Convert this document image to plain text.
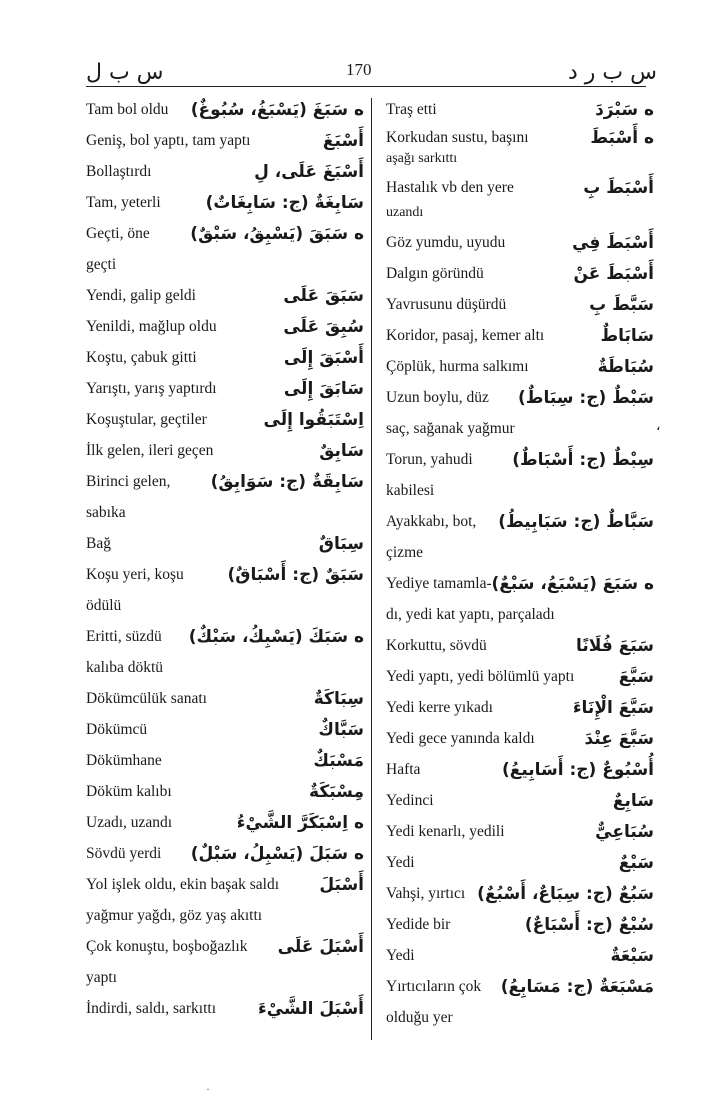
س ب ل	170	س ب ر د
Tam bol oldu ﻩ سَبَغَ (يَسْبَغُ، سُبُوغٌ)
Geniş, bol yaptı, tam yaptı	أَسْبَغَ
Bollaştırdı	أَسْبَغَ عَلَى، لِ
Tam, yeterli	سَابِغَةٌ (ج: سَابِغَاتٌ)
Geçti, öne ﻩ سَبَقَ (يَسْبِقُ، سَبْقٌ)
geçti
Yendi, galip geldi	سَبَقَ عَلَى
Yenildi, mağlup oldu	سُبِقَ عَلَى
Koştu, çabuk gitti	أَسْبَقَ إِلَى
Yarıştı, yarış yaptırdı	سَابَقَ إِلَى
Koşuştular, geçtiler	اِسْتَبَقُوا إِلَى
İlk gelen, ileri geçen	سَابِقٌ
Birinci gelen, سَابِقَةٌ (ج: سَوَابِقُ)
sabıka
Bağ	سِبَاقٌ
Koşu yeri, koşu	سَبَقٌ (ج: أَسْبَاقٌ)
ödülü
Eritti, süzdü ﻩ سَبَكَ (يَسْبِكُ، سَبْكٌ)
kalıba döktü
Dökümcülük sanatı	سِبَاكَةٌ
Dökümcü	سَبَّاكٌ
Dökümhane	مَسْبَكٌ
Döküm kalıbı	مِسْبَكَةٌ
Uzadı, uzandı	ﻩ اِسْبَكَرَّ الشَّيْءُ
Sövdü yerdi ﻩ سَبَلَ (يَسْبِلُ، سَبْلٌ)
Yol işlek oldu, ekin başak saldı أَسْبَلَ
yağmur yağdı, göz yaş akıttı
Çok konuştu, boşboğazlık أَسْبَلَ عَلَى
yaptı
İndirdi, saldı, sarkıttı أَسْبَلَ الشَّيْءَ
Traş etti	ﻩ سَبْرَدَ
Korkudan sustu, başını	ﻩ أَسْبَطَ
aşağı sarkıttı
Hastalık vb den yere	أَسْبَطَ بِ
uzandı
Göz yumdu, uyudu	أَسْبَطَ فِي
Dalgın göründü	أَسْبَطَ عَنْ
Yavrusunu düşürdü	سَبَّطَ بِ
Koridor, pasaj, kemer altı	سَابَاطٌ
Çöplük, hurma salkımı	سُبَاطَةٌ
Uzun boylu, düz سَبْطٌ (ج: سِبَاطٌ)
saç, sağanak yağmur
Torun, yahudi سِبْطٌ (ج: أَسْبَاطٌ)
kabilesi
Ayakkabı, bot, سَبَّاطٌ (ج: سَبَابِيطُ)
çizme
Yediye tamamla- ﻩ سَبَعَ (يَسْبَعُ، سَبْعٌ)
dı, yedi kat yaptı, parçaladı
Korkuttu, sövdü	سَبَعَ فُلَانًا
Yedi yaptı, yedi bölümlü yaptı	سَبَّعَ
Yedi kerre yıkadı	سَبَّعَ الْإِنَاءَ
Yedi gece yanında kaldı	سَبَّعَ عِنْدَ
Hafta	أُسْبُوعٌ (ج: أَسَابِيعُ)
Yedinci	سَابِعٌ
Yedi kenarlı, yedili	سُبَاعِيٌّ
Yedi	سَبْعٌ
Vahşi, yırtıcı سَبُعٌ (ج: سِبَاعٌ، أَسْبُعٌ)
Yedide bir	سُبْعٌ (ج: أَسْبَاعٌ)
Yedi	سَبْعَةٌ
Yırtıcıların çok مَسْبَعَةٌ (ج: مَسَابِعُ)
olduğu yer
،
·
